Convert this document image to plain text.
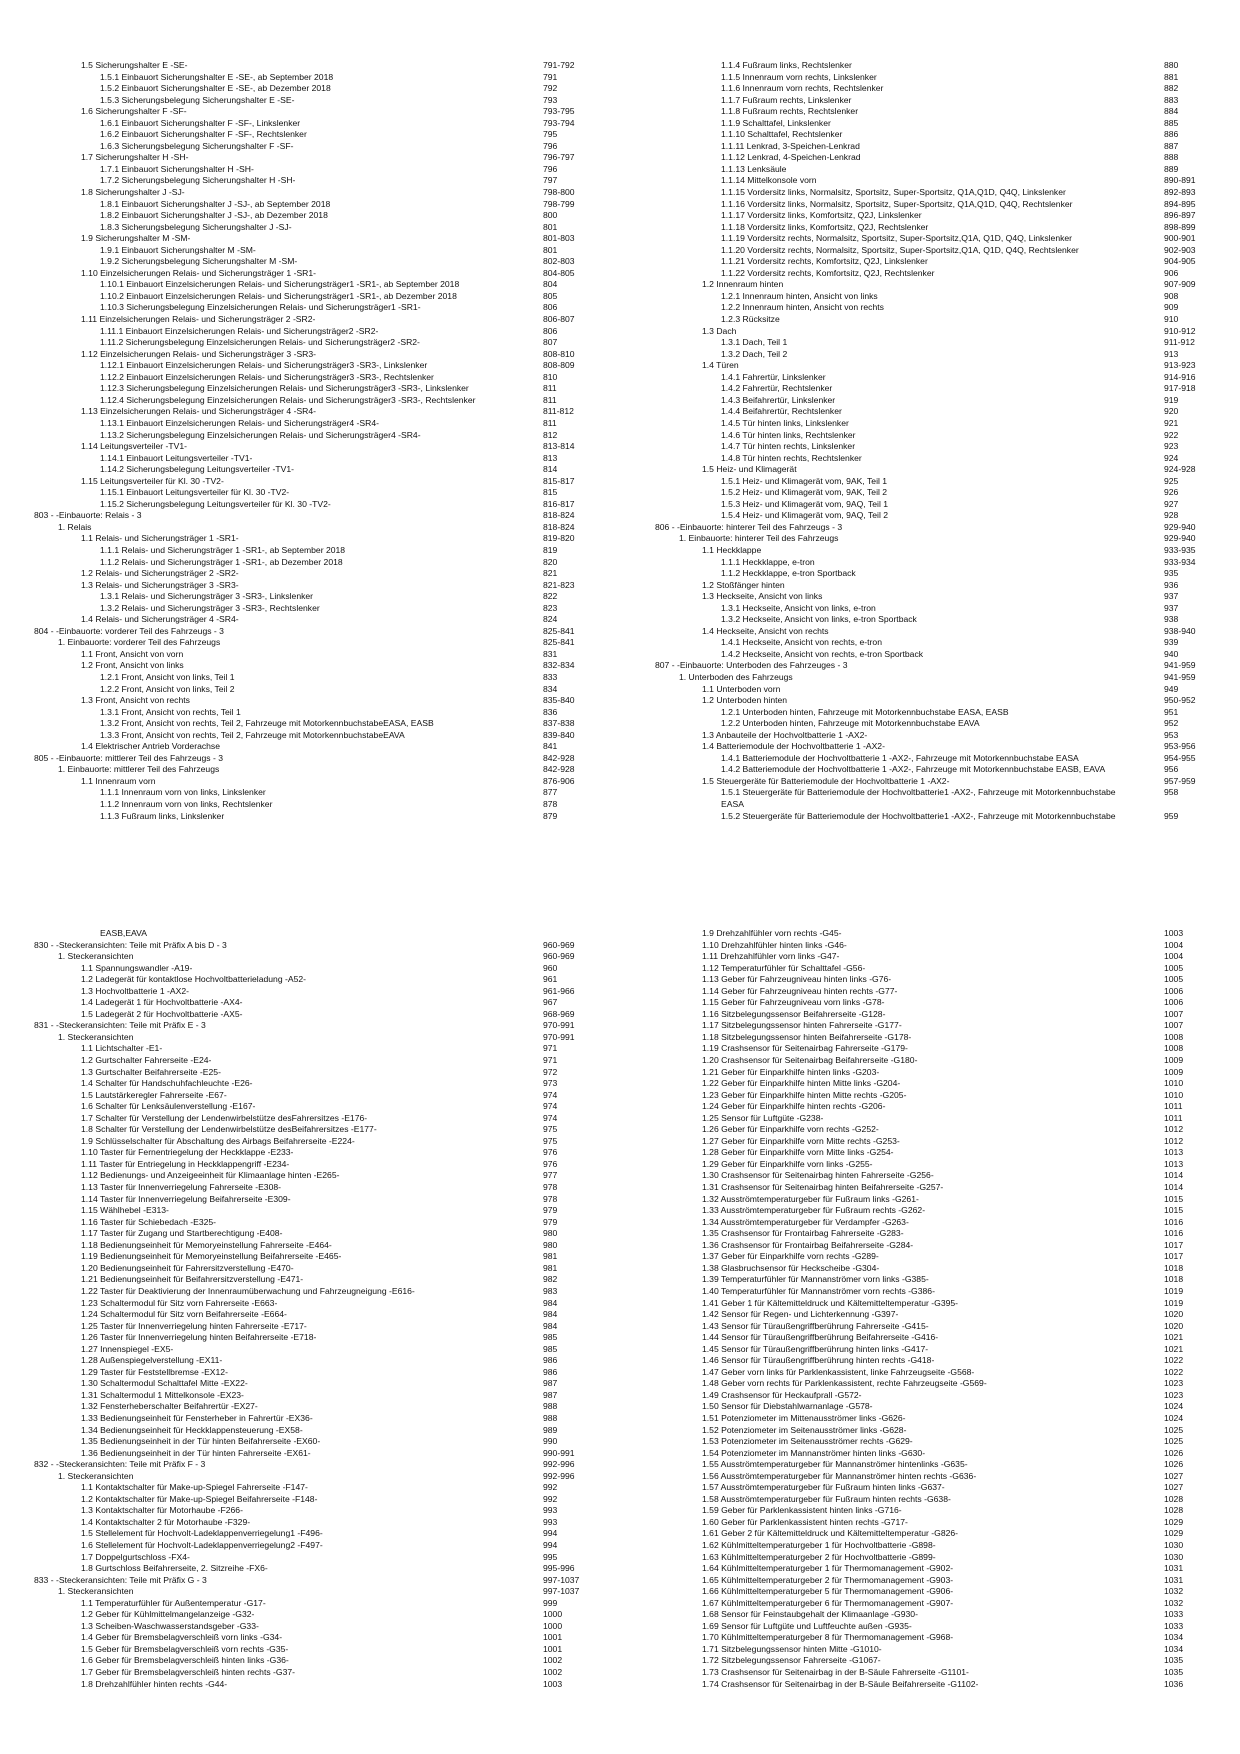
1.5 Sicherungshalter E -SE-	791-792
1.5.1 Einbauort Sicherungshalter E -SE-, ab September 2018	791
1.5.2 Einbauort Sicherungshalter E -SE-, ab Dezember 2018	792
1.5.3 Sicherungsbelegung Sicherungshalter E -SE-	793
1.6 Sicherungshalter F -SF-	793-795
1.6.1 Einbauort Sicherungshalter F -SF-, Linkslenker	793-794
1.6.2 Einbauort Sicherungshalter F -SF-, Rechtslenker	795
1.6.3 Sicherungsbelegung Sicherungshalter F -SF-	796
1.7 Sicherungshalter H -SH-	796-797
1.7.1 Einbauort Sicherungshalter H -SH-	796
1.7.2 Sicherungsbelegung Sicherungshalter H -SH-	797
1.8 Sicherungshalter J -SJ-	798-800
1.8.1 Einbauort Sicherungshalter J -SJ-, ab September 2018	798-799
1.8.2 Einbauort Sicherungshalter J -SJ-, ab Dezember 2018	800
1.8.3 Sicherungsbelegung Sicherungshalter J -SJ-	801
1.9 Sicherungshalter M -SM-	801-803
1.9.1 Einbauort Sicherungshalter M -SM-	801
1.9.2 Sicherungsbelegung Sicherungshalter M -SM-	802-803
1.10 Einzelsicherungen Relais- und Sicherungsträger 1 -SR1-	804-805
1.10.1 Einbauort Einzelsicherungen Relais- und Sicherungsträger1 -SR1-, ab September 2018	804
1.10.2 Einbauort Einzelsicherungen Relais- und Sicherungsträger1 -SR1-, ab Dezember 2018	805
1.10.3 Sicherungsbelegung Einzelsicherungen Relais- und Sicherungsträger1 -SR1-	806
1.11 Einzelsicherungen Relais- und Sicherungsträger 2 -SR2-	806-807
1.11.1 Einbauort Einzelsicherungen Relais- und Sicherungsträger2 -SR2-	806
1.11.2 Sicherungsbelegung Einzelsicherungen Relais- und Sicherungsträger2 -SR2-	807
1.12 Einzelsicherungen Relais- und Sicherungsträger 3 -SR3-	808-810
1.12.1 Einbauort Einzelsicherungen Relais- und Sicherungsträger3 -SR3-, Linkslenker	808-809
1.12.2 Einbauort Einzelsicherungen Relais- und Sicherungsträger3 -SR3-, Rechtslenker	810
1.12.3 Sicherungsbelegung Einzelsicherungen Relais- und Sicherungsträger3 -SR3-, Linkslenker	811
1.12.4 Sicherungsbelegung Einzelsicherungen Relais- und Sicherungsträger3 -SR3-, Rechtslenker	811
1.13 Einzelsicherungen Relais- und Sicherungsträger 4 -SR4-	811-812
1.13.1 Einbauort Einzelsicherungen Relais- und Sicherungsträger4 -SR4-	811
1.13.2 Sicherungsbelegung Einzelsicherungen Relais- und Sicherungsträger4 -SR4-	812
1.14 Leitungsverteiler -TV1-	813-814
1.14.1 Einbauort Leitungsverteiler -TV1-	813
1.14.2 Sicherungsbelegung Leitungsverteiler -TV1-	814
1.15 Leitungsverteiler für Kl. 30 -TV2-	815-817
1.15.1 Einbauort Leitungsverteiler für Kl. 30 -TV2-	815
1.15.2 Sicherungsbelegung Leitungsverteiler für Kl. 30 -TV2-	816-817
803 - -Einbauorte: Relais - 3	818-824
1. Relais	818-824
1.1 Relais- und Sicherungsträger 1 -SR1-	819-820
1.1.1 Relais- und Sicherungsträger 1 -SR1-, ab September 2018	819
1.1.2 Relais- und Sicherungsträger 1 -SR1-, ab Dezember 2018	820
1.2 Relais- und Sicherungsträger 2 -SR2-	821
1.3 Relais- und Sicherungsträger 3 -SR3-	821-823
1.3.1 Relais- und Sicherungsträger 3 -SR3-, Linkslenker	822
1.3.2 Relais- und Sicherungsträger 3 -SR3-, Rechtslenker	823
1.4 Relais- und Sicherungsträger 4 -SR4-	824
804 - -Einbauorte: vorderer Teil des Fahrzeugs - 3	825-841
1. Einbauorte: vorderer Teil des Fahrzeugs	825-841
1.1 Front, Ansicht von vorn	831
1.2 Front, Ansicht von links	832-834
1.2.1 Front, Ansicht von links, Teil 1	833
1.2.2 Front, Ansicht von links, Teil 2	834
1.3 Front, Ansicht von rechts	835-840
1.3.1 Front, Ansicht von rechts, Teil 1	836
1.3.2 Front, Ansicht von rechts, Teil 2, Fahrzeuge mit MotorkennbuchstabeEASA, EASB	837-838
1.3.3 Front, Ansicht von rechts, Teil 2, Fahrzeuge mit MotorkennbuchstabeEAVA	839-840
1.4 Elektrischer Antrieb Vorderachse	841
805 - -Einbauorte: mittlerer Teil des Fahrzeugs - 3	842-928
1. Einbauorte: mittlerer Teil des Fahrzeugs	842-928
1.1 Innenraum vorn	876-906
1.1.1 Innenraum vorn von links, Linkslenker	877
1.1.2 Innenraum vorn von links, Rechtslenker	878
1.1.3 Fußraum links, Linkslenker	879
1.1.4 Fußraum links, Rechtslenker	880
1.1.5 Innenraum vorn rechts, Linkslenker	881
1.1.6 Innenraum vorn rechts, Rechtslenker	882
1.1.7 Fußraum rechts, Linkslenker	883
1.1.8 Fußraum rechts, Rechtslenker	884
1.1.9 Schalttafel, Linkslenker	885
1.1.10 Schalttafel, Rechtslenker	886
1.1.11 Lenkrad, 3-Speichen-Lenkrad	887
1.1.12 Lenkrad, 4-Speichen-Lenkrad	888
1.1.13 Lenksäule	889
1.1.14 Mittelkonsole vorn	890-891
1.1.15 Vordersitz links, Normalsitz, Sportsitz, Super-Sportsitz, Q1A,Q1D, Q4Q, Linkslenker	892-893
1.1.16 Vordersitz links, Normalsitz, Sportsitz, Super-Sportsitz, Q1A,Q1D, Q4Q, Rechtslenker	894-895
1.1.17 Vordersitz links, Komfortsitz, Q2J, Linkslenker	896-897
1.1.18 Vordersitz links, Komfortsitz, Q2J, Rechtslenker	898-899
1.1.19 Vordersitz rechts, Normalsitz, Sportsitz, Super-Sportsitz,Q1A, Q1D, Q4Q, Linkslenker	900-901
1.1.20 Vordersitz rechts, Normalsitz, Sportsitz, Super-Sportsitz,Q1A, Q1D, Q4Q, Rechtslenker	902-903
1.1.21 Vordersitz rechts, Komfortsitz, Q2J, Linkslenker	904-905
1.1.22 Vordersitz rechts, Komfortsitz, Q2J, Rechtslenker	906
1.2 Innenraum hinten	907-909
1.2.1 Innenraum hinten, Ansicht von links	908
1.2.2 Innenraum hinten, Ansicht von rechts	909
1.2.3 Rücksitze	910
1.3 Dach	910-912
1.3.1 Dach, Teil 1	911-912
1.3.2 Dach, Teil 2	913
1.4 Türen	913-923
1.4.1 Fahrertür, Linkslenker	914-916
1.4.2 Fahrertür, Rechtslenker	917-918
1.4.3 Beifahrertür, Linkslenker	919
1.4.4 Beifahrertür, Rechtslenker	920
1.4.5 Tür hinten links, Linkslenker	921
1.4.6 Tür hinten links, Rechtslenker	922
1.4.7 Tür hinten rechts, Linkslenker	923
1.4.8 Tür hinten rechts, Rechtslenker	924
1.5 Heiz- und Klimagerät	924-928
1.5.1 Heiz- und Klimagerät vom, 9AK, Teil 1	925
1.5.2 Heiz- und Klimagerät vom, 9AK, Teil 2	926
1.5.3 Heiz- und Klimagerät vom, 9AQ, Teil 1	927
1.5.4 Heiz- und Klimagerät vom, 9AQ, Teil 2	928
806 - -Einbauorte: hinterer Teil des Fahrzeugs - 3	929-940
1. Einbauorte: hinterer Teil des Fahrzeugs	929-940
1.1 Heckklappe	933-935
1.1.1 Heckklappe, e-tron	933-934
1.1.2 Heckklappe, e-tron Sportback	935
1.2 Stoßfänger hinten	936
1.3 Heckseite, Ansicht von links	937
1.3.1 Heckseite, Ansicht von links, e-tron	937
1.3.2 Heckseite, Ansicht von links, e-tron Sportback	938
1.4 Heckseite, Ansicht von rechts	938-940
1.4.1 Heckseite, Ansicht von rechts, e-tron	939
1.4.2 Heckseite, Ansicht von rechts, e-tron Sportback	940
807 - -Einbauorte: Unterboden des Fahrzeuges - 3	941-959
1. Unterboden des Fahrzeugs	941-959
1.1 Unterboden vorn	949
1.2 Unterboden hinten	950-952
1.2.1 Unterboden hinten, Fahrzeuge mit Motorkennbuchstabe EASA, EASB	951
1.2.2 Unterboden hinten, Fahrzeuge mit Motorkennbuchstabe EAVA	952
1.3 Anbauteile der Hochvoltbatterie 1 -AX2-	953
1.4 Batteriemodule der Hochvoltbatterie 1 -AX2-	953-956
1.4.1 Batteriemodule der Hochvoltbatterie 1 -AX2-, Fahrzeuge mit Motorkennbuchstabe EASA	954-955
1.4.2 Batteriemodule der Hochvoltbatterie 1 -AX2-, Fahrzeuge mit Motorkennbuchstabe EASB, EAVA	956
1.5 Steuergeräte für Batteriemodule der Hochvoltbatterie 1 -AX2-	957-959
1.5.1 Steuergeräte für Batteriemodule der Hochvoltbatterie1 -AX2-, Fahrzeuge mit Motorkennbuchstabe	958
EASA
1.5.2 Steuergeräte für Batteriemodule der Hochvoltbatterie1 -AX2-, Fahrzeuge mit Motorkennbuchstabe	959
EASB,EAVA
830 - -Steckeransichten: Teile mit Präfix A bis D - 3	960-969
1. Steckeransichten	960-969
1.1 Spannungswandler -A19-	960
1.2 Ladegerät für kontaktlose Hochvoltbatterieladung -A52-	961
1.3 Hochvoltbatterie 1 -AX2-	961-966
1.4 Ladegerät 1 für Hochvoltbatterie -AX4-	967
1.5 Ladegerät 2 für Hochvoltbatterie -AX5-	968-969
831 - -Steckeransichten: Teile mit Präfix E - 3	970-991
1. Steckeransichten	970-991
1.1 Lichtschalter -E1-	971
1.2 Gurtschalter Fahrerseite -E24-	971
1.3 Gurtschalter Beifahrerseite -E25-	972
1.4 Schalter für Handschuhfachleuchte -E26-	973
1.5 Lautstärkeregler Fahrerseite -E67-	974
1.6 Schalter für Lenksäulenverstellung -E167-	974
1.7 Schalter für Verstellung der Lendenwirbelstütze desFahrersitzes -E176-	974
1.8 Schalter für Verstellung der Lendenwirbelstütze desBeifahrersitzes -E177-	975
1.9 Schlüsselschalter für Abschaltung des Airbags Beifahrerseite -E224-	975
1.10 Taster für Fernentriegelung der Heckklappe -E233-	976
1.11 Taster für Entriegelung in Heckklappengriff -E234-	976
1.12 Bedienungs- und Anzeigeeinheit für Klimaanlage hinten -E265-	977
1.13 Taster für Innenverriegelung Fahrerseite -E308-	978
1.14 Taster für Innenverriegelung Beifahrerseite -E309-	978
1.15 Wählhebel -E313-	979
1.16 Taster für Schiebedach -E325-	979
1.17 Taster für Zugang und Startberechtigung -E408-	980
1.18 Bedienungseinheit für Memoryeinstellung Fahrerseite -E464-	980
1.19 Bedienungseinheit für Memoryeinstellung Beifahrerseite -E465-	981
1.20 Bedienungseinheit für Fahrersitzverstellung -E470-	981
1.21 Bedienungseinheit für Beifahrersitzverstellung -E471-	982
1.22 Taster für Deaktivierung der Innenraumüberwachung und Fahrzeugneigung -E616-	983
1.23 Schaltermodul für Sitz vorn Fahrerseite -E663-	984
1.24 Schaltermodul für Sitz vorn Beifahrerseite -E664-	984
1.25 Taster für Innenverriegelung hinten Fahrerseite -E717-	984
1.26 Taster für Innenverriegelung hinten Beifahrerseite -E718-	985
1.27 Innenspiegel -EX5-	985
1.28 Außenspiegelverstellung -EX11-	986
1.29 Taster für Feststellbremse -EX12-	986
1.30 Schaltermodul Schalttafel Mitte -EX22-	987
1.31 Schaltermodul 1 Mittelkonsole -EX23-	987
1.32 Fensterheberschalter Beifahrertür -EX27-	988
1.33 Bedienungseinheit für Fensterheber in Fahrertür -EX36-	988
1.34 Bedienungseinheit für Heckklappensteuerung -EX58-	989
1.35 Bedienungseinheit in der Tür hinten Beifahrerseite -EX60-	990
1.36 Bedienungseinheit in der Tür hinten Fahrerseite -EX61-	990-991
832 - -Steckeransichten: Teile mit Präfix F - 3	992-996
1. Steckeransichten	992-996
1.1 Kontaktschalter für Make-up-Spiegel Fahrerseite -F147-	992
1.2 Kontaktschalter für Make-up-Spiegel Beifahrerseite -F148-	992
1.3 Kontaktschalter für Motorhaube -F266-	993
1.4 Kontaktschalter 2 für Motorhaube -F329-	993
1.5 Stellelement für Hochvolt-Ladeklappenverriegelung1 -F496-	994
1.6 Stellelement für Hochvolt-Ladeklappenverriegelung2 -F497-	994
1.7 Doppelgurtschloss -FX4-	995
1.8 Gurtschloss Beifahrerseite, 2. Sitzreihe -FX6-	995-996
833 - -Steckeransichten: Teile mit Präfix G - 3	997-1037
1. Steckeransichten	997-1037
1.1 Temperaturfühler für Außentemperatur -G17-	999
1.2 Geber für Kühlmittelmangelanzeige -G32-	1000
1.3 Scheiben-Waschwasserstandsgeber -G33-	1000
1.4 Geber für Bremsbelagverschleiß vorn links -G34-	1001
1.5 Geber für Bremsbelagverschleiß vorn rechts -G35-	1001
1.6 Geber für Bremsbelagverschleiß hinten links -G36-	1002
1.7 Geber für Bremsbelagverschleiß hinten rechts -G37-	1002
1.8 Drehzahlfühler hinten rechts -G44-	1003
1.9 Drehzahlfühler vorn rechts -G45-	1003
1.10 Drehzahlfühler hinten links -G46-	1004
1.11 Drehzahlfühler vorn links -G47-	1004
1.12 Temperaturfühler für Schalttafel -G56-	1005
1.13 Geber für Fahrzeugniveau hinten links -G76-	1005
1.14 Geber für Fahrzeugniveau hinten rechts -G77-	1006
1.15 Geber für Fahrzeugniveau vorn links -G78-	1006
1.16 Sitzbelegungssensor Beifahrerseite -G128-	1007
1.17 Sitzbelegungssensor hinten Fahrerseite -G177-	1007
1.18 Sitzbelegungssensor hinten Beifahrerseite -G178-	1008
1.19 Crashsensor für Seitenairbag Fahrerseite -G179-	1008
1.20 Crashsensor für Seitenairbag Beifahrerseite -G180-	1009
1.21 Geber für Einparkhilfe hinten links -G203-	1009
1.22 Geber für Einparkhilfe hinten Mitte links -G204-	1010
1.23 Geber für Einparkhilfe hinten Mitte rechts -G205-	1010
1.24 Geber für Einparkhilfe hinten rechts -G206-	1011
1.25 Sensor für Luftgüte -G238-	1011
1.26 Geber für Einparkhilfe vorn rechts -G252-	1012
1.27 Geber für Einparkhilfe vorn Mitte rechts -G253-	1012
1.28 Geber für Einparkhilfe vorn Mitte links -G254-	1013
1.29 Geber für Einparkhilfe vorn links -G255-	1013
1.30 Crashsensor für Seitenairbag hinten Fahrerseite -G256-	1014
1.31 Crashsensor für Seitenairbag hinten Beifahrerseite -G257-	1014
1.32 Ausströmtemperaturgeber für Fußraum links -G261-	1015
1.33 Ausströmtemperaturgeber für Fußraum rechts -G262-	1015
1.34 Ausströmtemperaturgeber für Verdampfer -G263-	1016
1.35 Crashsensor für Frontairbag Fahrerseite -G283-	1016
1.36 Crashsensor für Frontairbag Beifahrerseite -G284-	1017
1.37 Geber für Einparkhilfe vorn rechts -G289-	1017
1.38 Glasbruchsensor für Heckscheibe -G304-	1018
1.39 Temperaturfühler für Mannanströmer vorn links -G385-	1018
1.40 Temperaturfühler für Mannanströmer vorn rechts -G386-	1019
1.41 Geber 1 für Kältemitteldruck und Kältemitteltemperatur -G395-	1019
1.42 Sensor für Regen- und Lichterkennung -G397-	1020
1.43 Sensor für Türaußengriffberührung Fahrerseite -G415-	1020
1.44 Sensor für Türaußengriffberührung Beifahrerseite -G416-	1021
1.45 Sensor für Türaußengriffberührung hinten links -G417-	1021
1.46 Sensor für Türaußengriffberührung hinten rechts -G418-	1022
1.47 Geber vorn links für Parklenkassistent, linke Fahrzeugseite -G568-	1022
1.48 Geber vorn rechts für Parklenkassistent, rechte Fahrzeugseite -G569-	1023
1.49 Crashsensor für Heckaufprall -G572-	1023
1.50 Sensor für Diebstahlwarnanlage -G578-	1024
1.51 Potenziometer im Mittenausströmer links -G626-	1024
1.52 Potenziometer im Seitenausströmer links -G628-	1025
1.53 Potenziometer im Seitenausströmer rechts -G629-	1025
1.54 Potenziometer im Mannanströmer hinten links -G630-	1026
1.55 Ausströmtemperaturgeber für Mannanströmer hintenlinks -G635-	1026
1.56 Ausströmtemperaturgeber für Mannanströmer hinten rechts -G636-	1027
1.57 Ausströmtemperaturgeber für Fußraum hinten links -G637-	1027
1.58 Ausströmtemperaturgeber für Fußraum hinten rechts -G638-	1028
1.59 Geber für Parklenkassistent hinten links -G716-	1028
1.60 Geber für Parklenkassistent hinten rechts -G717-	1029
1.61 Geber 2 für Kältemitteldruck und Kältemitteltemperatur -G826-	1029
1.62 Kühlmitteltemperaturgeber 1 für Hochvoltbatterie -G898-	1030
1.63 Kühlmitteltemperaturgeber 2 für Hochvoltbatterie -G899-	1030
1.64 Kühlmitteltemperaturgeber 1 für Thermomanagement -G902-	1031
1.65 Kühlmitteltemperaturgeber 2 für Thermomanagement -G903-	1031
1.66 Kühlmitteltemperaturgeber 5 für Thermomanagement -G906-	1032
1.67 Kühlmitteltemperaturgeber 6 für Thermomanagement -G907-	1032
1.68 Sensor für Feinstaubgehalt der Klimaanlage -G930-	1033
1.69 Sensor für Luftgüte und Luftfeuchte außen -G935-	1033
1.70 Kühlmitteltemperaturgeber 8 für Thermomanagement -G968-	1034
1.71 Sitzbelegungssensor hinten Mitte -G1010-	1034
1.72 Sitzbelegungssensor Fahrerseite -G1067-	1035
1.73 Crashsensor für Seitenairbag in der B-Säule Fahrerseite -G1101-	1035
1.74 Crashsensor für Seitenairbag in der B-Säule Beifahrerseite -G1102-	1036
